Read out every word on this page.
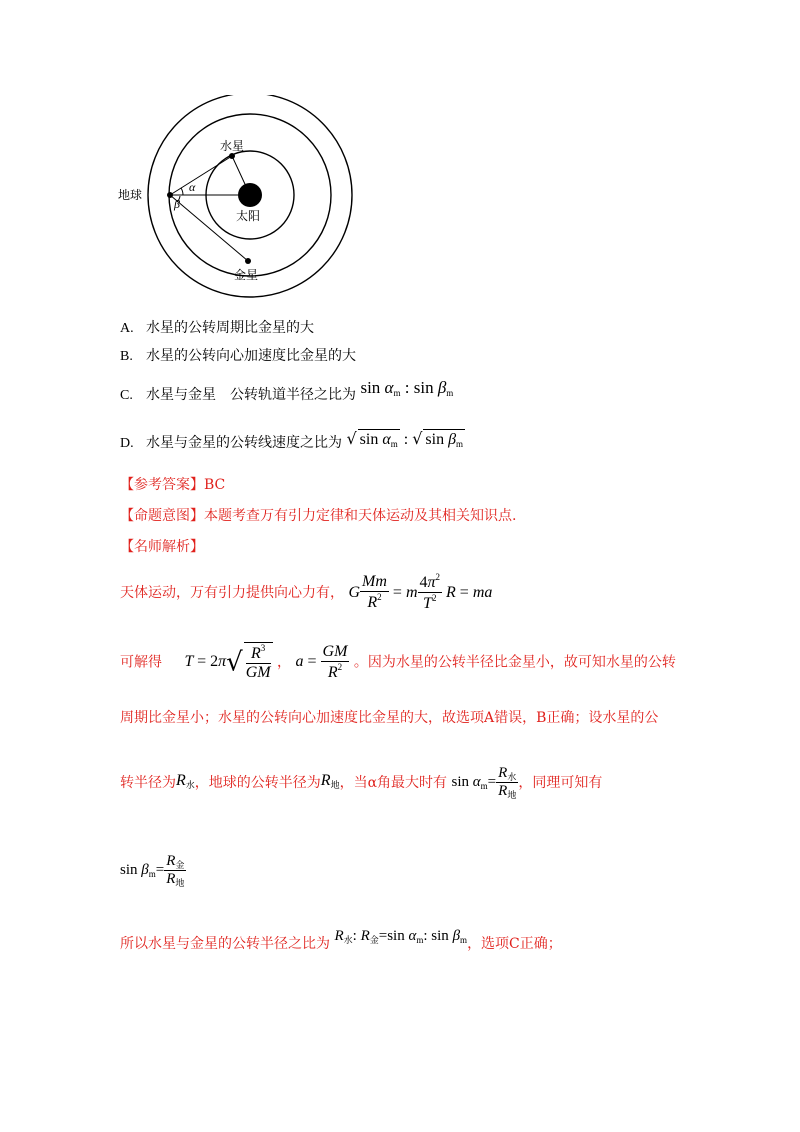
地球
水星
太阳
金星
α
β
A. 水星的公转周期比金星的大
B. 水星的公转向心加速度比金星的大
C. 水星与金星　公转轨道半径之比为 $\sin \alpha_m$ : $\sin \beta_m$
D. 水星与金星的公转线速度之比为 √ $\sin \alpha_m$ : √ $\sin \beta_m$
【参考答案】BC
【命题意图】本题考查万有引力定律和天体运动及其相关知识点.
【名师解析】
天体运动，万有引力提供向心力有， G $\frac{Mm}{R^2} = m \frac{4\pi^2}{T^2}$ R = ma
可解得 $T = 2\pi√ \frac{R^3}{GM}$ ， $a = \frac{GM}{R^2}$ 。因为水星的公转半径比金星小，故可知水星的公转
周期比金星小；水星的公转向心加速度比金星的大，故选项A错误，B正确；设水星的公
转半径为$R_水$，地球的公转半径为$R_地$，当α角最大时有 $\sin \alpha_m= \frac{R_水}{R_地}$ ，同理可知有
$\sin \beta_m= \frac{R_金}{R_地}$
所以水星与金星的公转半径之比为 $R_水$: $R_金=\sin$ $\alpha_m$: $\sin \beta_m$，选项C正确；
